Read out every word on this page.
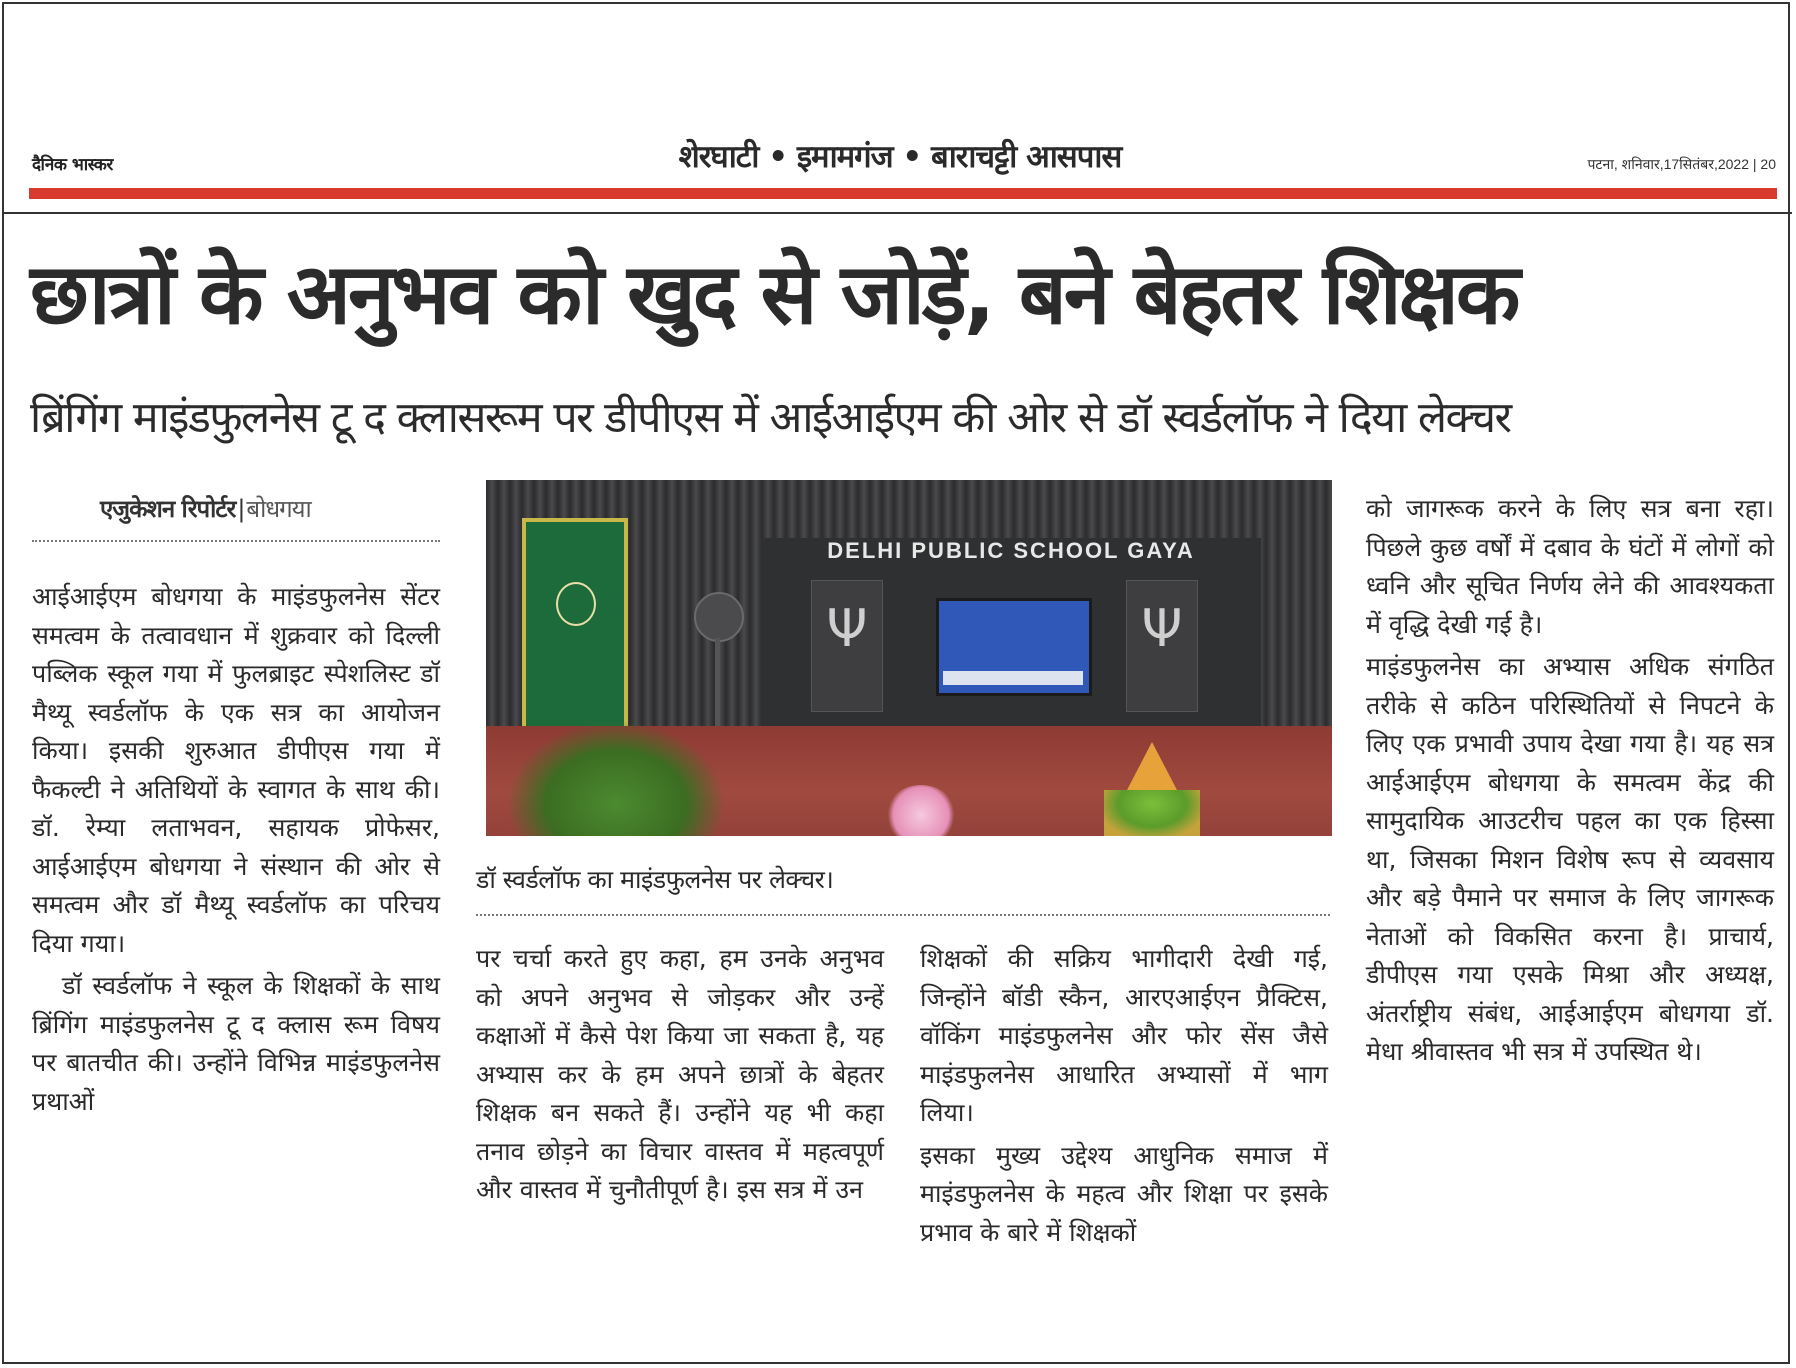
दैनिक भास्कर	शेरघाटी • इमामगंज • बाराचट्टी आसपास	पटना, शनिवार,17सितंबर,2022 | 20
छात्रों के अनुभव को खुद से जोड़ें, बने बेहतर शिक्षक
ब्रिंगिंग माइंडफुलनेस टू द क्लासरूम पर डीपीएस में आईआईएम की ओर से डॉ स्वर्डलॉफ ने दिया लेक्चर
एजुकेशन रिपोर्टर|बोधगया

आईआईएम बोधगया के माइंडफुलनेस सेंटर समत्वम के तत्वावधान में शुक्रवार को दिल्ली पब्लिक स्कूल गया में फुलब्राइट स्पेशलिस्ट डॉ मैथ्यू स्वर्डलॉफ के एक सत्र का आयोजन किया। इसकी शुरुआत डीपीएस गया में फैकल्टी ने अतिथियों के स्वागत के साथ की। डॉ. रेम्या लताभवन, सहायक प्रोफेसर, आईआईएम बोधगया ने संस्थान की ओर से समत्वम और डॉ मैथ्यू स्वर्डलॉफ का परिचय दिया गया।

डॉ स्वर्डलॉफ ने स्कूल के शिक्षकों के साथ ब्रिंगिंग माइंडफुलनेस टू द क्लास रूम विषय पर बातचीत की। उन्होंने विभिन्न माइंडफुलनेस प्रथाओं

DELHI PUBLIC SCHOOL GAYA
Ψ
Ψ
डॉ स्वर्डलॉफ का माइंडफुलनेस पर लेक्चर।

पर चर्चा करते हुए कहा, हम उनके अनुभव को अपने अनुभव से जोड़कर और उन्हें कक्षाओं में कैसे पेश किया जा सकता है, यह अभ्यास कर के हम अपने छात्रों के बेहतर शिक्षक बन सकते हैं। उन्होंने यह भी कहा तनाव छोड़ने का विचार वास्तव में महत्वपूर्ण और वास्तव में चुनौतीपूर्ण है। इस सत्र में उन

शिक्षकों की सक्रिय भागीदारी देखी गई, जिन्होंने बॉडी स्कैन, आरएआईएन प्रैक्टिस, वॉकिंग माइंडफुलनेस और फोर सेंस जैसे माइंडफुलनेस आधारित अभ्यासों में भाग लिया।

इसका मुख्य उद्देश्य आधुनिक समाज में माइंडफुलनेस के महत्व और शिक्षा पर इसके प्रभाव के बारे में शिक्षकों

को जागरूक करने के लिए सत्र बना रहा। पिछले कुछ वर्षों में दबाव के घंटों में लोगों को ध्वनि और सूचित निर्णय लेने की आवश्यकता में वृद्धि देखी गई है।

माइंडफुलनेस का अभ्यास अधिक संगठित तरीके से कठिन परिस्थितियों से निपटने के लिए एक प्रभावी उपाय देखा गया है। यह सत्र आईआईएम बोधगया के समत्वम केंद्र की सामुदायिक आउटरीच पहल का एक हिस्सा था, जिसका मिशन विशेष रूप से व्यवसाय और बड़े पैमाने पर समाज के लिए जागरूक नेताओं को विकसित करना है। प्राचार्य, डीपीएस गया एसके मिश्रा और अध्यक्ष, अंतर्राष्ट्रीय संबंध, आईआईएम बोधगया डॉ. मेधा श्रीवास्तव भी सत्र में उपस्थित थे।
